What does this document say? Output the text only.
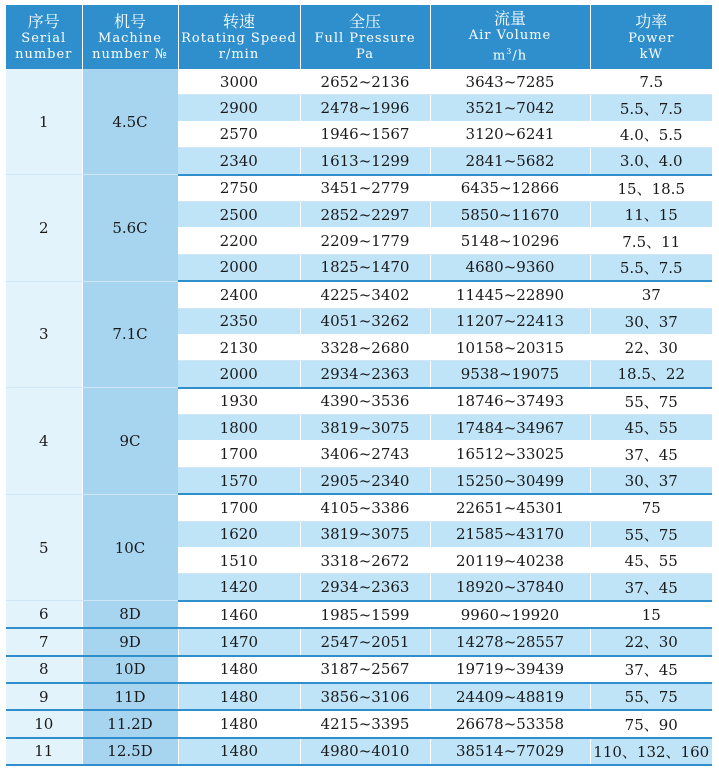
序号
Serial
number	机号
Machine
number №	转速
Rotating Speed
r/min	全压
Full Pressure
Pa	流量
Air Volume
$m^3/h$	功率
Power
kW

1	4.5C	3000	2652~2136	3643~7285	7.5
		2900	2478~1996	3521~7042	5.5、7.5
		2570	1946~1567	3120~6241	4.0、5.5
		2340	1613~1299	2841~5682	3.0、4.0
2	5.6C	2750	3451~2779	6435~12866	15、18.5
		2500	2852~2297	5850~11670	11、15
		2200	2209~1779	5148~10296	7.5、11
		2000	1825~1470	4680~9360	5.5、7.5
3	7.1C	2400	4225~3402	11445~22890	37
		2350	4051~3262	11207~22413	30、37
		2130	3328~2680	10158~20315	22、30
		2000	2934~2363	9538~19075	18.5、22
4	9C	1930	4390~3536	18746~37493	55、75
		1800	3819~3075	17484~34967	45、55
		1700	3406~2743	16512~33025	37、45
		1570	2905~2340	15250~30499	30、37
5	10C	1700	4105~3386	22651~45301	75
		1620	3819~3075	21585~43170	55、75
		1510	3318~2672	20119~40238	45、55
		1420	2934~2363	18920~37840	37、45
6	8D	1460	1985~1599	9960~19920	15
7	9D	1470	2547~2051	14278~28557	22、30
8	10D	1480	3187~2567	19719~39439	37、45
9	11D	1480	3856~3106	24409~48819	55、75
10	11.2D	1480	4215~3395	26678~53358	75、90
11	12.5D	1480	4980~4010	38514~77029	110、132、160
